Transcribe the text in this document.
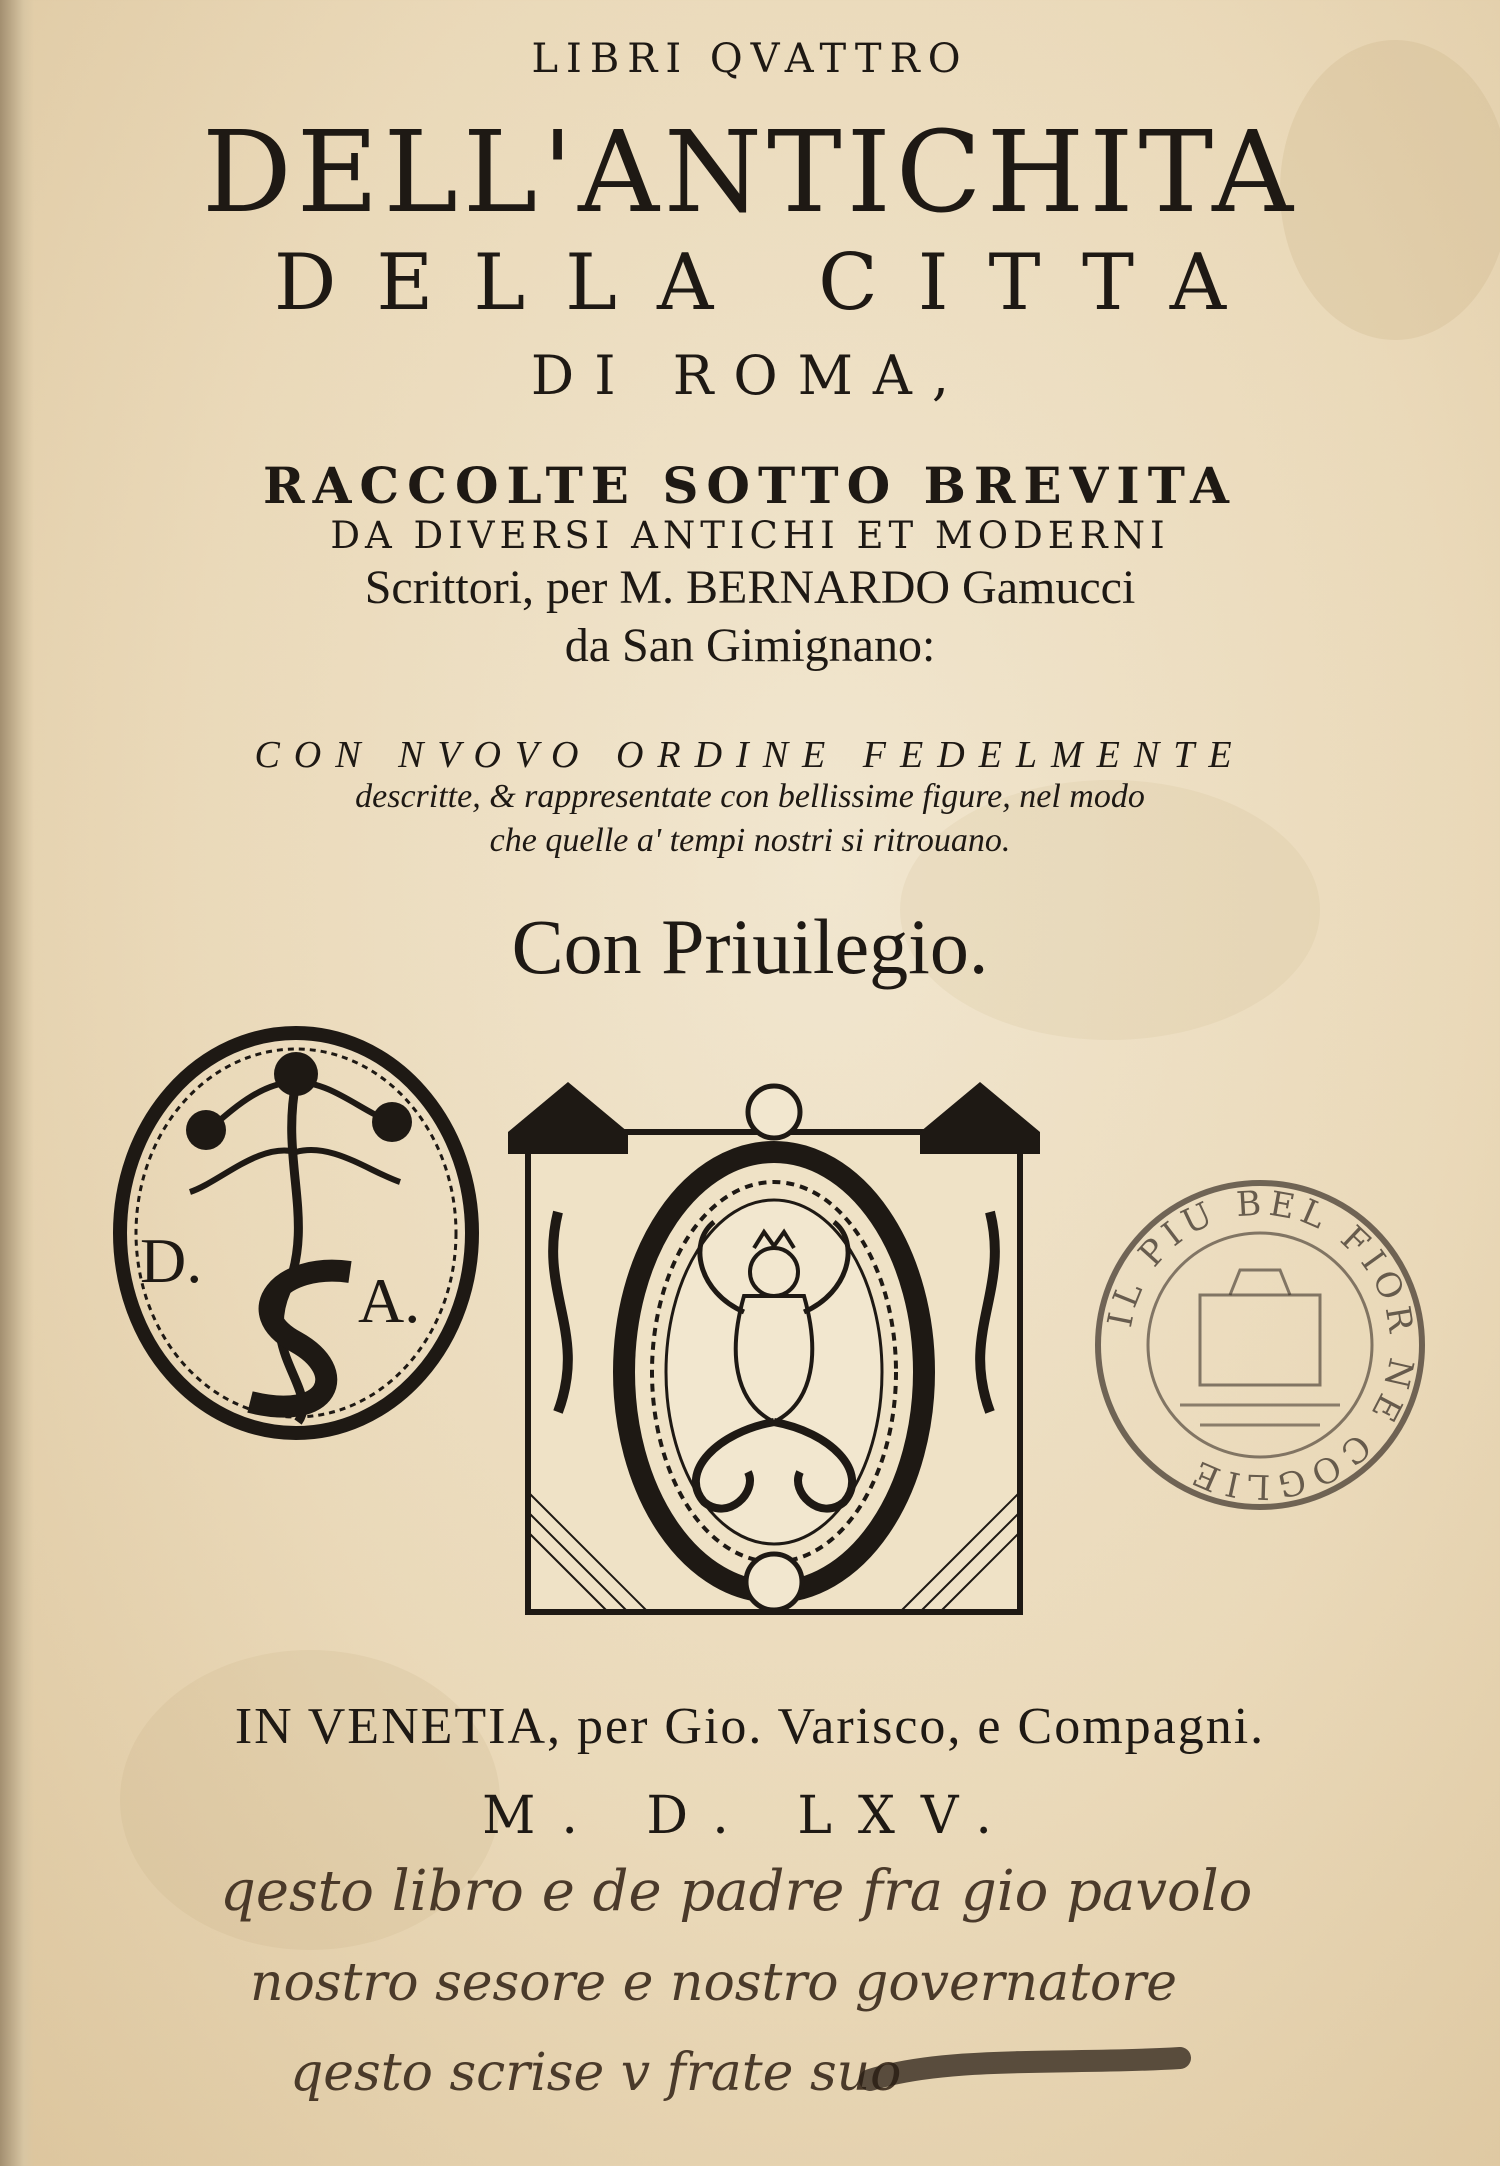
LIBRI QVATTRO
DELL'ANTICHITA
DELLA CITTA
DI ROMA,
RACCOLTE SOTTO BREVITA
DA DIVERSI ANTICHI ET MODERNI
Scrittori, per M. BERNARDO Gamucci
da San Gimignano:
CON NVOVO ORDINE FEDELMENTE
descritte, & rappresentate con bellissime figure, nel modo
che quelle a' tempi nostri si ritrouano.
Con Priuilegio.
D.
A.	IL PIU BEL FIOR NE COGLIE
IN VENETIA, per Gio. Varisco, e Compagni.
M. D. LXV.
qesto libro e de padre fra gio pavolo
nostro sesore e nostro governatore
qesto scrise v frate suo
